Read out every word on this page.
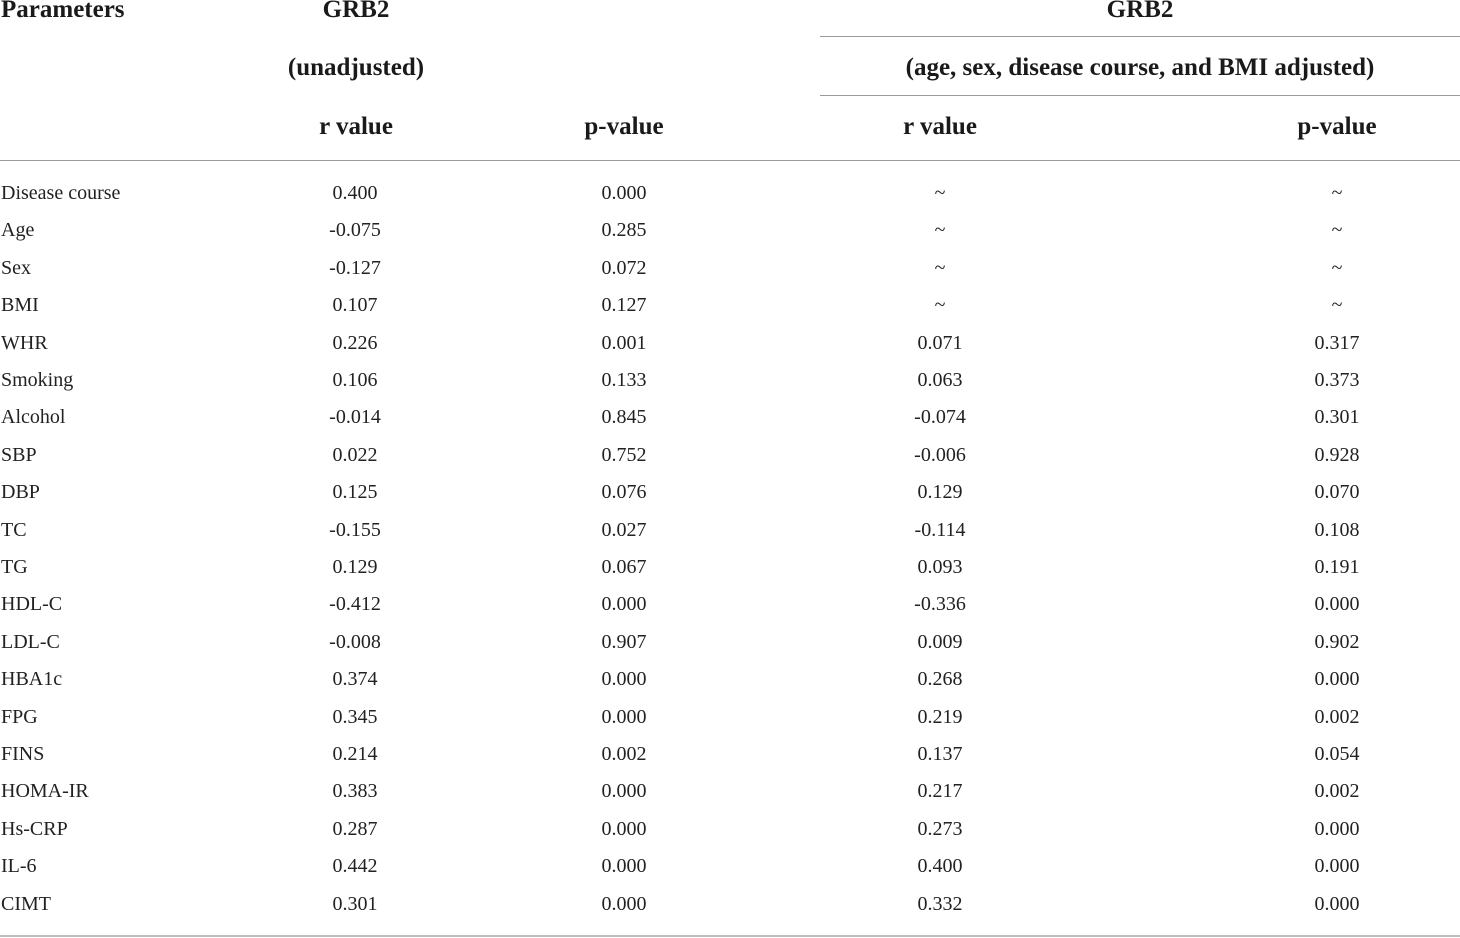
Parameters	GRB2
(unadjusted)
GRB2
(age, sex, disease course, and BMI adjusted)
r value	p-value	r value	p-value
Disease course	0.400	0.000	~	~
Age	-0.075	0.285	~	~
Sex	-0.127	0.072	~	~
BMI	0.107	0.127	~	~
WHR	0.226	0.001	0.071	0.317
Smoking	0.106	0.133	0.063	0.373
Alcohol	-0.014	0.845	-0.074	0.301
SBP	0.022	0.752	-0.006	0.928
DBP	0.125	0.076	0.129	0.070
TC	-0.155	0.027	-0.114	0.108
TG	0.129	0.067	0.093	0.191
HDL-C	-0.412	0.000	-0.336	0.000
LDL-C	-0.008	0.907	0.009	0.902
HBA1c	0.374	0.000	0.268	0.000
FPG	0.345	0.000	0.219	0.002
FINS	0.214	0.002	0.137	0.054
HOMA-IR	0.383	0.000	0.217	0.002
Hs-CRP	0.287	0.000	0.273	0.000
IL-6	0.442	0.000	0.400	0.000
CIMT	0.301	0.000	0.332	0.000
